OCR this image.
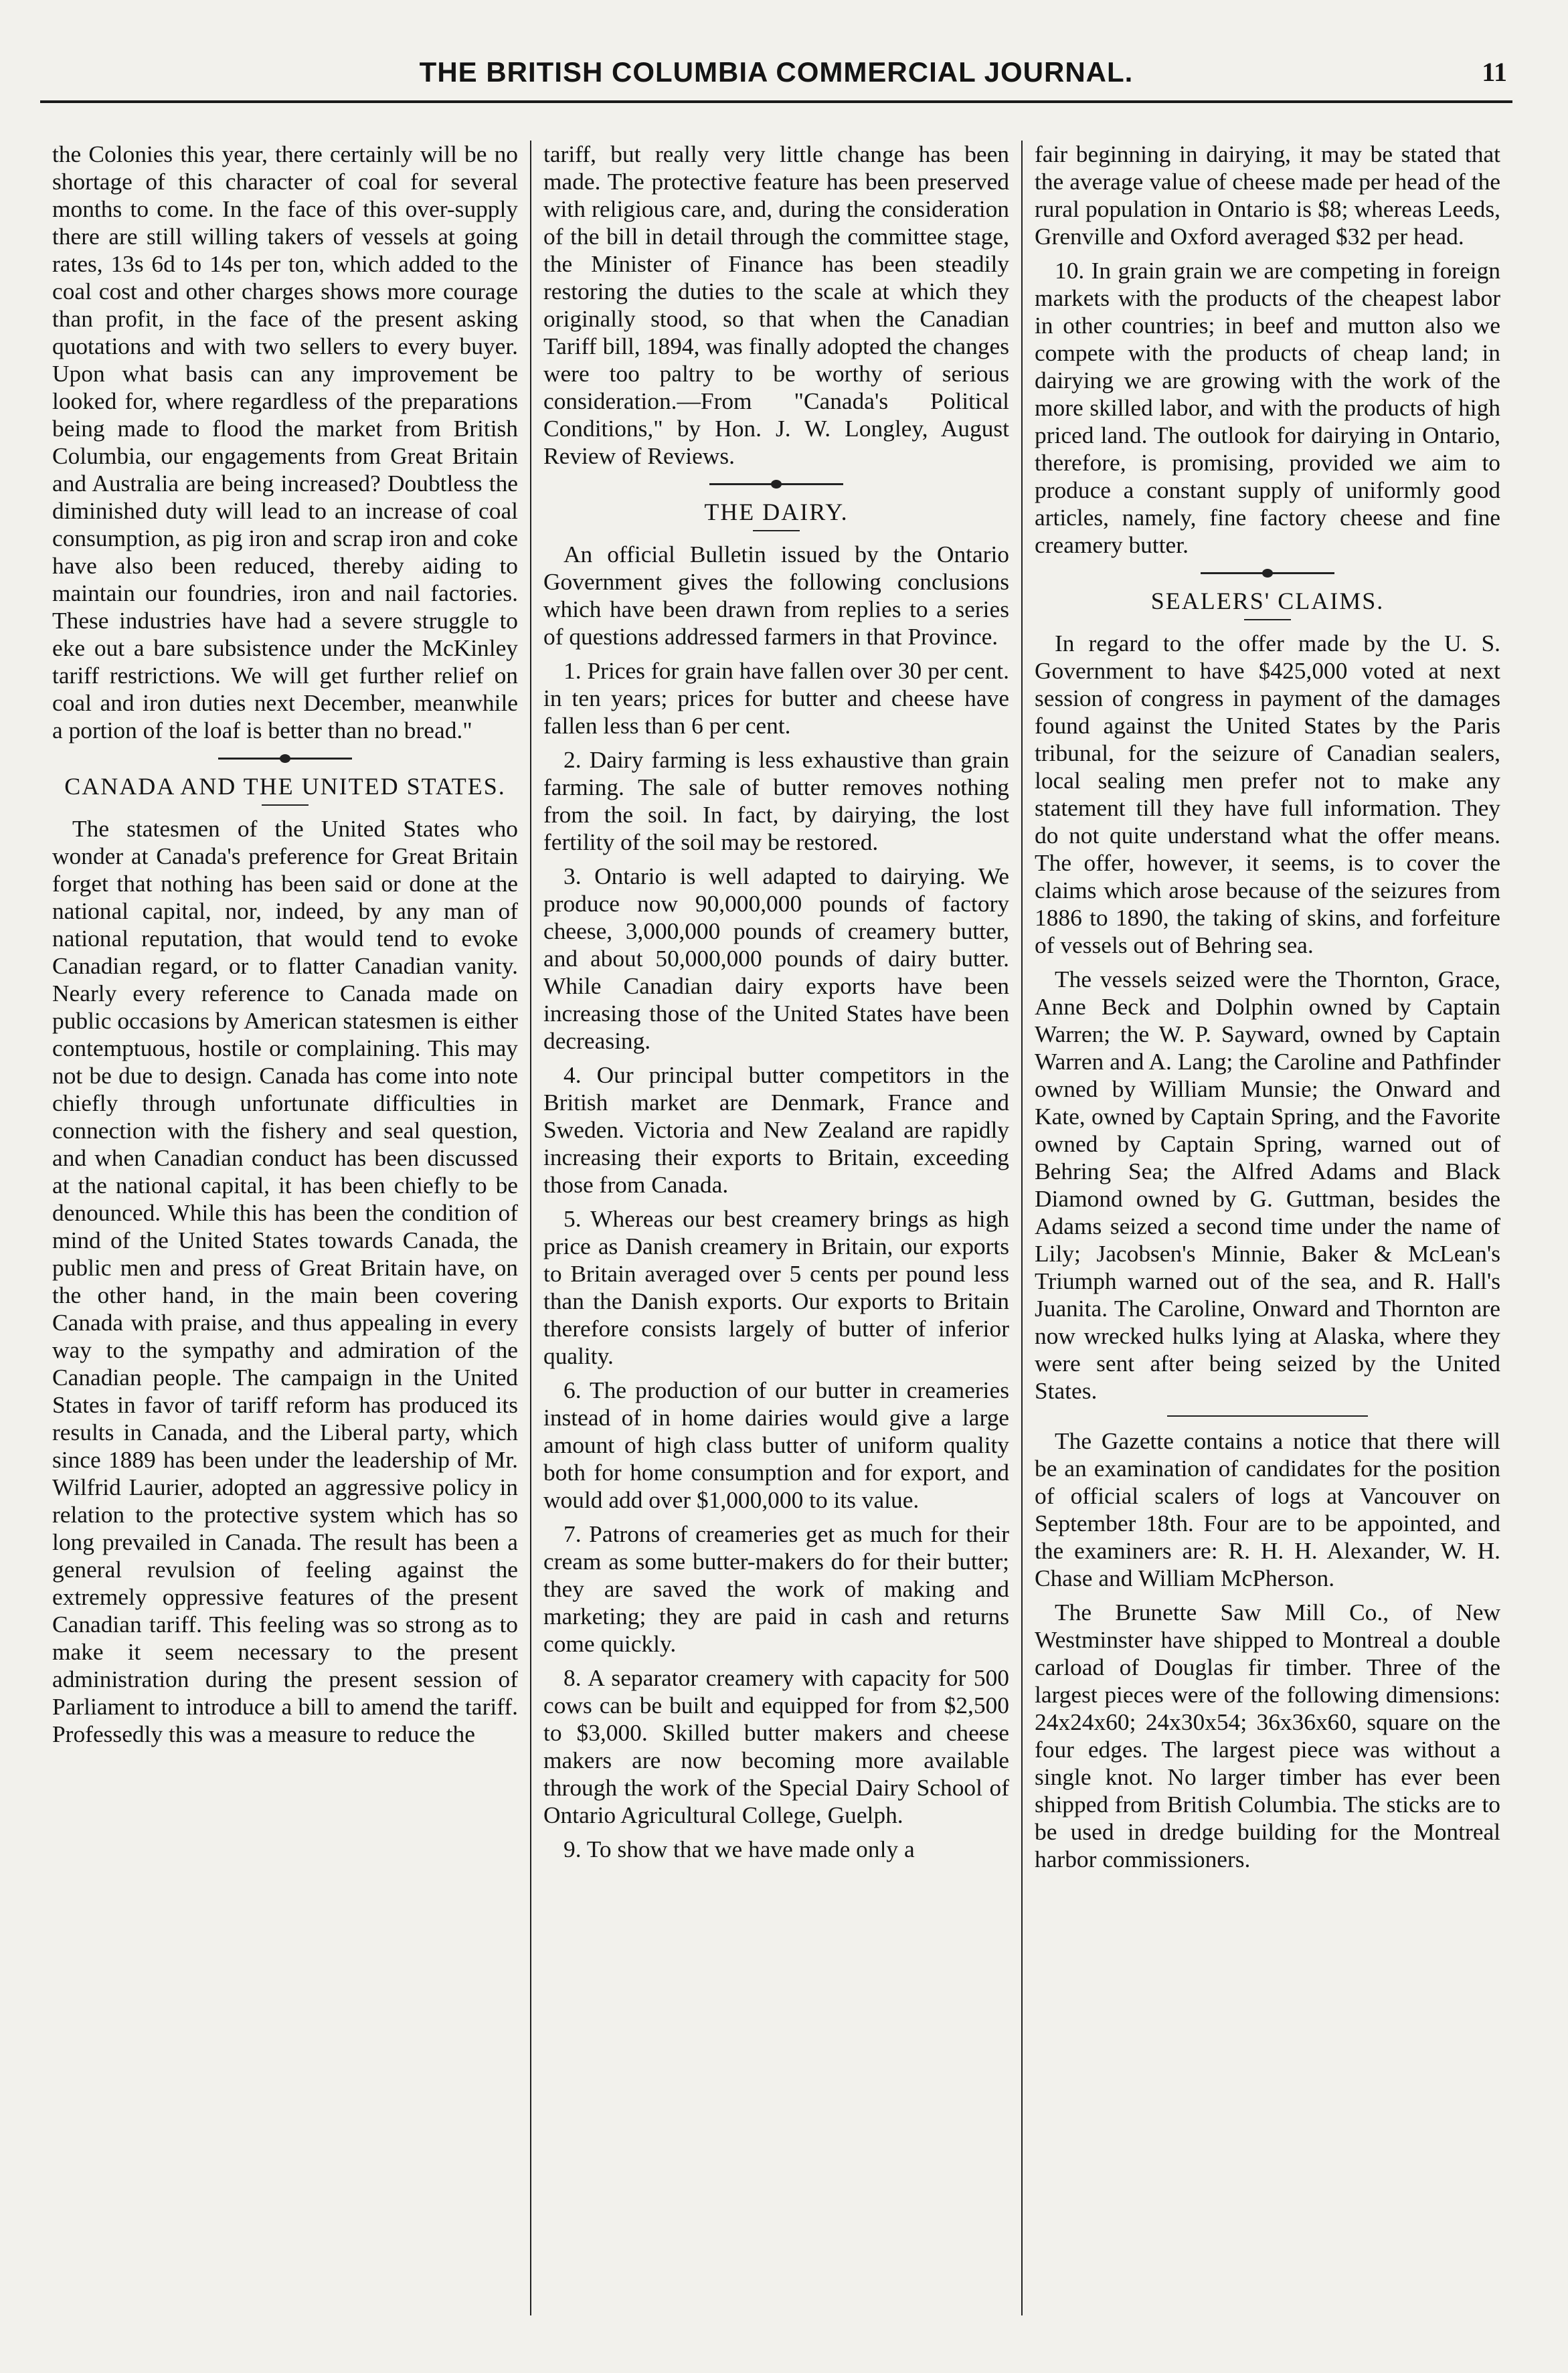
THE BRITISH COLUMBIA COMMERCIAL JOURNAL.	11

the Colonies this year, there certainly will be no shortage of this character of coal for several months to come. In the face of this over-supply there are still willing takers of vessels at going rates, 13s 6d to 14s per ton, which added to the coal cost and other charges shows more courage than profit, in the face of the present asking quotations and with two sellers to every buyer. Upon what basis can any improvement be looked for, where regardless of the preparations being made to flood the market from British Columbia, our engagements from Great Britain and Australia are being increased? Doubtless the diminished duty will lead to an increase of coal consumption, as pig iron and scrap iron and coke have also been reduced, thereby aiding to maintain our foundries, iron and nail factories. These industries have had a severe struggle to eke out a bare subsistence under the McKinley tariff restrictions. We will get further relief on coal and iron duties next December, meanwhile a portion of the loaf is better than no bread."

CANADA AND THE UNITED STATES.

The statesmen of the United States who wonder at Canada's preference for Great Britain forget that nothing has been said or done at the national capital, nor, indeed, by any man of national reputation, that would tend to evoke Canadian regard, or to flatter Canadian vanity. Nearly every reference to Canada made on public occasions by American statesmen is either contemptuous, hostile or complaining. This may not be due to design. Canada has come into note chiefly through unfortunate difficulties in connection with the fishery and seal question, and when Canadian conduct has been discussed at the national capital, it has been chiefly to be denounced. While this has been the condition of mind of the United States towards Canada, the public men and press of Great Britain have, on the other hand, in the main been covering Canada with praise, and thus appealing in every way to the sympathy and admiration of the Canadian people. The campaign in the United States in favor of tariff reform has produced its results in Canada, and the Liberal party, which since 1889 has been under the leadership of Mr. Wilfrid Laurier, adopted an aggressive policy in relation to the protective system which has so long prevailed in Canada. The result has been a general revulsion of feeling against the extremely oppressive features of the present Canadian tariff. This feeling was so strong as to make it seem necessary to the present administration during the present session of Parliament to introduce a bill to amend the tariff. Professedly this was a measure to reduce the

tariff, but really very little change has been made. The protective feature has been preserved with religious care, and, during the consideration of the bill in detail through the committee stage, the Minister of Finance has been steadily restoring the duties to the scale at which they originally stood, so that when the Canadian Tariff bill, 1894, was finally adopted the changes were too paltry to be worthy of serious consideration.—From "Canada's Political Conditions," by Hon. J. W. Longley, August Review of Reviews.

THE DAIRY.

An official Bulletin issued by the Ontario Government gives the following conclusions which have been drawn from replies to a series of questions addressed farmers in that Province.

1. Prices for grain have fallen over 30 per cent. in ten years; prices for butter and cheese have fallen less than 6 per cent.
2. Dairy farming is less exhaustive than grain farming. The sale of butter removes nothing from the soil. In fact, by dairying, the lost fertility of the soil may be restored.
3. Ontario is well adapted to dairying. We produce now 90,000,000 pounds of factory cheese, 3,000,000 pounds of creamery butter, and about 50,000,000 pounds of dairy butter. While Canadian dairy exports have been increasing those of the United States have been decreasing.
4. Our principal butter competitors in the British market are Denmark, France and Sweden. Victoria and New Zealand are rapidly increasing their exports to Britain, exceeding those from Canada.
5. Whereas our best creamery brings as high price as Danish creamery in Britain, our exports to Britain averaged over 5 cents per pound less than the Danish exports. Our exports to Britain therefore consists largely of butter of inferior quality.
6. The production of our butter in creameries instead of in home dairies would give a large amount of high class butter of uniform quality both for home consumption and for export, and would add over $1,000,000 to its value.
7. Patrons of creameries get as much for their cream as some butter-makers do for their butter; they are saved the work of making and marketing; they are paid in cash and returns come quickly.
8. A separator creamery with capacity for 500 cows can be built and equipped for from $2,500 to $3,000. Skilled butter makers and cheese makers are now becoming more available through the work of the Special Dairy School of Ontario Agricultural College, Guelph.
9. To show that we have made only a

fair beginning in dairying, it may be stated that the average value of cheese made per head of the rural population in Ontario is $8; whereas Leeds, Grenville and Oxford averaged $32 per head.

10. In grain grain we are competing in foreign markets with the products of the cheapest labor in other countries; in beef and mutton also we compete with the products of cheap land; in dairying we are growing with the work of the more skilled labor, and with the products of high priced land. The outlook for dairying in Ontario, therefore, is promising, provided we aim to produce a constant supply of uniformly good articles, namely, fine factory cheese and fine creamery butter.

SEALERS' CLAIMS.

In regard to the offer made by the U. S. Government to have $425,000 voted at next session of congress in payment of the damages found against the United States by the Paris tribunal, for the seizure of Canadian sealers, local sealing men prefer not to make any statement till they have full information. They do not quite understand what the offer means. The offer, however, it seems, is to cover the claims which arose because of the seizures from 1886 to 1890, the taking of skins, and forfeiture of vessels out of Behring sea.

The vessels seized were the Thornton, Grace, Anne Beck and Dolphin owned by Captain Warren; the W. P. Sayward, owned by Captain Warren and A. Lang; the Caroline and Pathfinder owned by William Munsie; the Onward and Kate, owned by Captain Spring, and the Favorite owned by Captain Spring, warned out of Behring Sea; the Alfred Adams and Black Diamond owned by G. Guttman, besides the Adams seized a second time under the name of Lily; Jacobsen's Minnie, Baker & McLean's Triumph warned out of the sea, and R. Hall's Juanita. The Caroline, Onward and Thornton are now wrecked hulks lying at Alaska, where they were sent after being seized by the United States.

The Gazette contains a notice that there will be an examination of candidates for the position of official scalers of logs at Vancouver on September 18th. Four are to be appointed, and the examiners are: R. H. H. Alexander, W. H. Chase and William McPherson.

The Brunette Saw Mill Co., of New Westminster have shipped to Montreal a double carload of Douglas fir timber. Three of the largest pieces were of the following dimensions: 24x24x60; 24x30x54; 36x36x60, square on the four edges. The largest piece was without a single knot. No larger timber has ever been shipped from British Columbia. The sticks are to be used in dredge building for the Montreal harbor commissioners.
